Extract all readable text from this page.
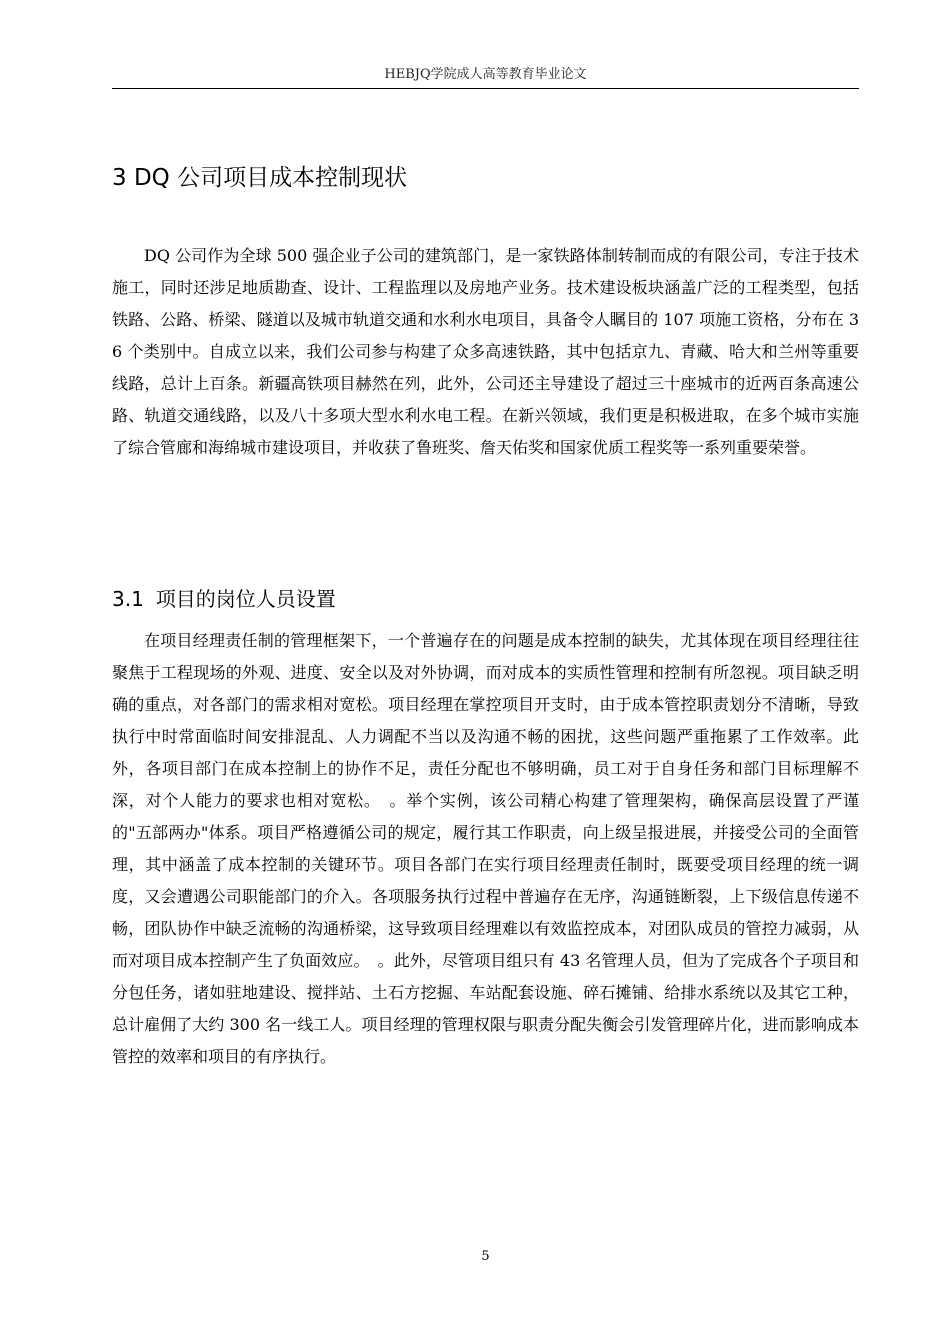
HEBJQ学院成人高等教育毕业论文
3 DQ 公司项目成本控制现状

DQ 公司作为全球 500 强企业子公司的建筑部门，是一家铁路体制转制而成的有限公司，专注于技术施工，同时还涉足地质勘查、设计、工程监理以及房地产业务。技术建设板块涵盖广泛的工程类型，包括铁路、公路、桥梁、隧道以及城市轨道交通和水利水电项目，具备令人瞩目的 107 项施工资格，分布在 36 个类别中。自成立以来，我们公司参与构建了众多高速铁路，其中包括京九、青藏、哈大和兰州等重要线路，总计上百条。新疆高铁项目赫然在列，此外，公司还主导建设了超过三十座城市的近两百条高速公路、轨道交通线路，以及八十多项大型水利水电工程。在新兴领域，我们更是积极进取，在多个城市实施了综合管廊和海绵城市建设项目，并收获了鲁班奖、詹天佑奖和国家优质工程奖等一系列重要荣誉。

3.1 项目的岗位人员设置

在项目经理责任制的管理框架下，一个普遍存在的问题是成本控制的缺失，尤其体现在项目经理往往聚焦于工程现场的外观、进度、安全以及对外协调，而对成本的实质性管理和控制有所忽视。项目缺乏明确的重点，对各部门的需求相对宽松。项目经理在掌控项目开支时，由于成本管控职责划分不清晰，导致执行中时常面临时间安排混乱、人力调配不当以及沟通不畅的困扰，这些问题严重拖累了工作效率。此外，各项目部门在成本控制上的协作不足，责任分配也不够明确，员工对于自身任务和部门目标理解不深，对个人能力的要求也相对宽松。　。举个实例，该公司精心构建了管理架构，确保高层设置了严谨的"五部两办"体系。项目严格遵循公司的规定，履行其工作职责，向上级呈报进展，并接受公司的全面管理，其中涵盖了成本控制的关键环节。项目各部门在实行项目经理责任制时，既要受项目经理的统一调度，又会遭遇公司职能部门的介入。各项服务执行过程中普遍存在无序，沟通链断裂，上下级信息传递不畅，团队协作中缺乏流畅的沟通桥梁，这导致项目经理难以有效监控成本，对团队成员的管控力减弱，从而对项目成本控制产生了负面效应。　。此外，尽管项目组只有 43 名管理人员，但为了完成各个子项目和分包任务，诸如驻地建设、搅拌站、土石方挖掘、车站配套设施、碎石摊铺、给排水系统以及其它工种，总计雇佣了大约 300 名一线工人。项目经理的管理权限与职责分配失衡会引发管理碎片化，进而影响成本管控的效率和项目的有序执行。

5
